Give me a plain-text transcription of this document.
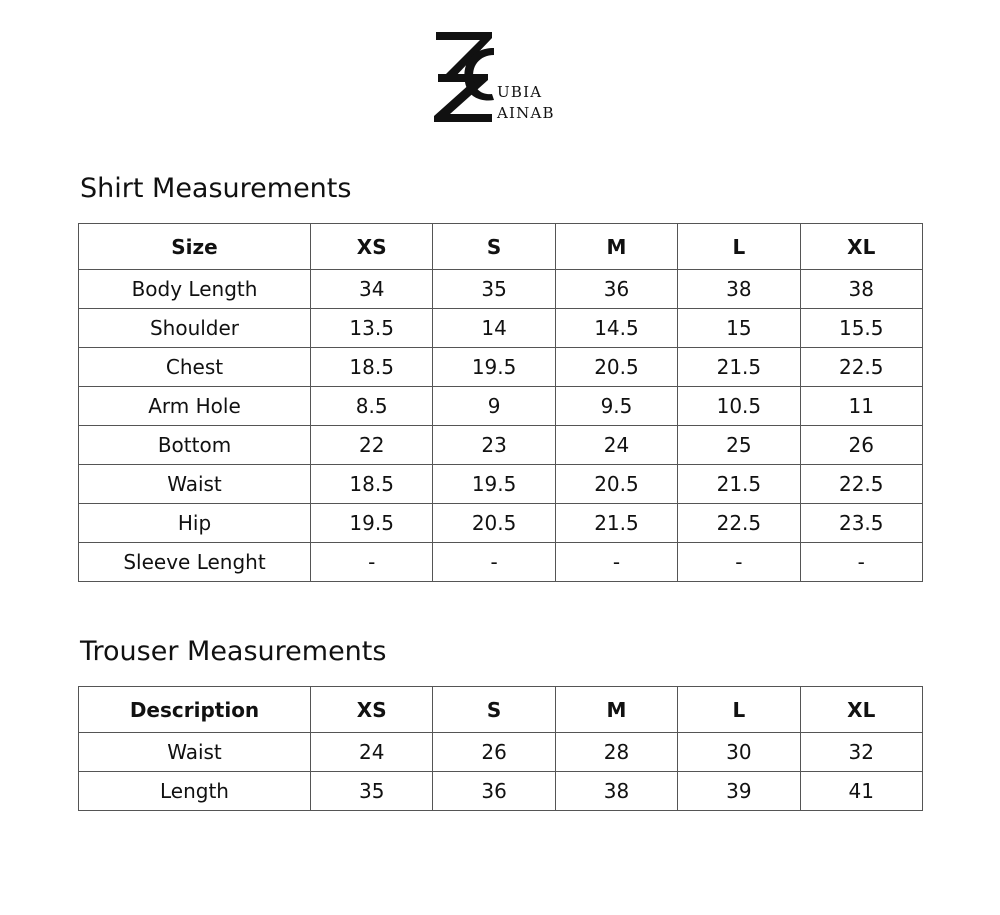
UBIA
AINAB
Shirt Measurements
Size	XS	S	M	L	XL
Body Length	34	35	36	38	38
Shoulder	13.5	14	14.5	15	15.5
Chest	18.5	19.5	20.5	21.5	22.5
Arm Hole	8.5	9	9.5	10.5	11
Bottom	22	23	24	25	26
Waist	18.5	19.5	20.5	21.5	22.5
Hip	19.5	20.5	21.5	22.5	23.5
Sleeve Lenght	-	-	-	-	-
Trouser Measurements
Description	XS	S	M	L	XL
Waist	24	26	28	30	32
Length	35	36	38	39	41
